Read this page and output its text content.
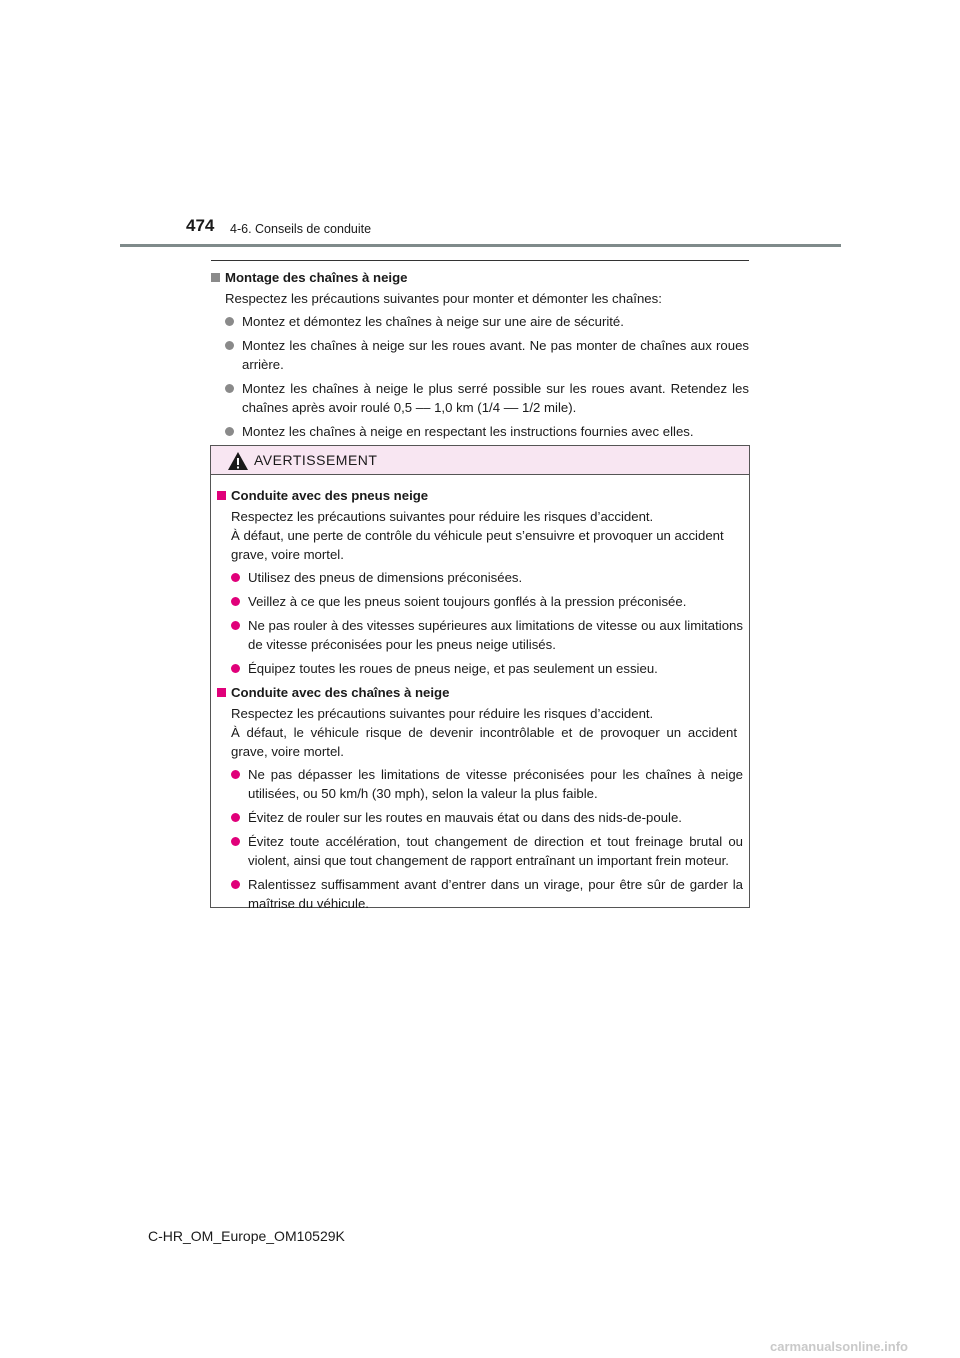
474 4-6. Conseils de conduite
Montage des chaînes à neige
Respectez les précautions suivantes pour monter et démonter les chaînes:
Montez et démontez les chaînes à neige sur une aire de sécurité.
Montez les chaînes à neige sur les roues avant. Ne pas monter de chaînes aux roues arrière.
Montez les chaînes à neige le plus serré possible sur les roues avant. Retendez les chaînes après avoir roulé 0,5 –– 1,0 km (1/4 –– 1/2 mile).
Montez les chaînes à neige en respectant les instructions fournies avec elles.
AVERTISSEMENT
Conduite avec des pneus neige
Respectez les précautions suivantes pour réduire les risques d’accident.
À défaut, une perte de contrôle du véhicule peut s’ensuivre et provoquer un accident grave, voire mortel.
Utilisez des pneus de dimensions préconisées.
Veillez à ce que les pneus soient toujours gonflés à la pression préconisée.
Ne pas rouler à des vitesses supérieures aux limitations de vitesse ou aux limitations de vitesse préconisées pour les pneus neige utilisés.
Équipez toutes les roues de pneus neige, et pas seulement un essieu.
Conduite avec des chaînes à neige
Respectez les précautions suivantes pour réduire les risques d’accident.
À défaut, le véhicule risque de devenir incontrôlable et de provoquer un accident grave, voire mortel.
Ne pas dépasser les limitations de vitesse préconisées pour les chaînes à neige utilisées, ou 50 km/h (30 mph), selon la valeur la plus faible.
Évitez de rouler sur les routes en mauvais état ou dans des nids-de-poule.
Évitez toute accélération, tout changement de direction et tout freinage brutal ou violent, ainsi que tout changement de rapport entraînant un important frein moteur.
Ralentissez suffisamment avant d’entrer dans un virage, pour être sûr de garder la maîtrise du véhicule.
C-HR_OM_Europe_OM10529K
carmanualsonline.info
